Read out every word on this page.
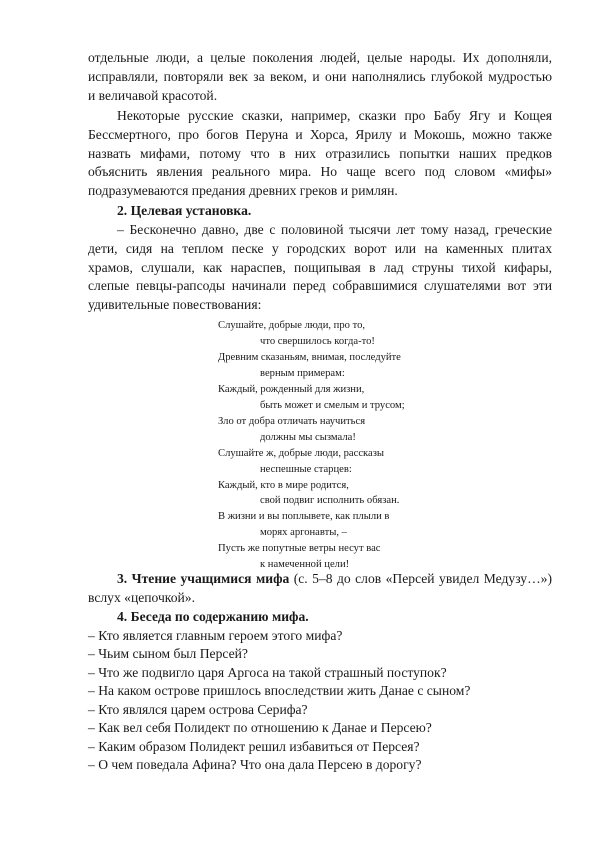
отдельные люди, а целые поколения людей, целые народы. Их дополняли,
исправляли, повторяли век за веком, и они наполнялись глубокой мудростью
и величавой красотой.
Некоторые русские сказки, например, сказки про Бабу Ягу и Кощея
Бессмертного, про богов Перуна и Хорса, Ярилу и Мокошь, можно также
назвать мифами, потому что в них отразились попытки наших предков
объяснить явления реального мира. Но чаще всего под словом «мифы»
подразумеваются предания древних греков и римлян.
2. Целевая установка.
– Бесконечно давно, две с половиной тысячи лет тому назад, греческие
дети, сидя на теплом песке у городских ворот или на каменных плитах
храмов, слушали, как нараспев, пощипывая в лад струны тихой кифары,
слепые певцы-рапсоды начинали перед собравшимися слушателями вот эти
удивительные повествования:
Слушайте, добрые люди, про то,
что свершилось когда-то!
Древним сказаньям, внимая, последуйте
верным примерам:
Каждый, рожденный для жизни,
быть может и смелым и трусом;
Зло от добра отличать научиться
должны мы сызмала!
Слушайте ж, добрые люди, рассказы
неспешные старцев:
Каждый, кто в мире родится,
свой подвиг исполнить обязан.
В жизни и вы поплывете, как плыли в
морях аргонавты, –
Пусть же попутные ветры несут вас
к намеченной цели!
3. Чтение учащимися мифа (с. 5–8 до слов «Персей увидел Медузу…»)
вслух «цепочкой».
4. Беседа по содержанию мифа.
– Кто является главным героем этого мифа?
– Чьим сыном был Персей?
– Что же подвигло царя Аргоса на такой страшный поступок?
– На каком острове пришлось впоследствии жить Данае с сыном?
– Кто являлся царем острова Серифа?
– Как вел себя Полидект по отношению к Данае и Персею?
– Каким образом Полидект решил избавиться от Персея?
– О чем поведала Афина? Что она дала Персею в дорогу?
